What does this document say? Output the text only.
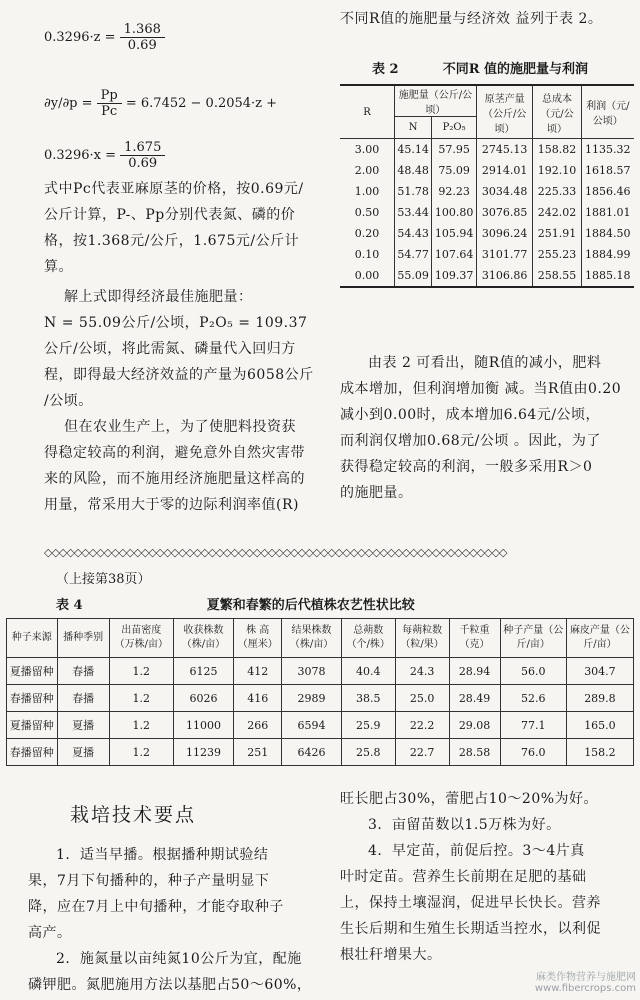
$0.3296\cdot z = \frac{1.368}{0.69}$
$\partial y/\partial p = \frac{Pp}{Pc} = 6.7452 - 0.2054\cdot z$ +
$0.3296\cdot x = \frac{1.675}{0.69}$
式中Pc代表亚麻原茎的价格，按0.69元/
公斤计算，P-、Pp分别代表氮、磷的价
格，按1.368元/公斤，1.675元/公斤计
算。
解上式即得经济最佳施肥量：
N = 55.09公斤/公顷，P₂O₅ = 109.37
公斤/公顷，将此需氮、磷量代入回归方
程，即得最大经济效益的产量为6058公斤
/公顷。
但在农业生产上，为了使肥料投资获
得稳定较高的利润，避免意外自然灾害带
来的风险，而不施用经济施肥量这样高的
用量，常采用大于零的边际利润率值(R)
不同R值的施肥量与经济效 益列于表 2。
表 2	不同R 值的施肥量与利润
R	施肥量（公斤/公顷）		原茎产量（公斤/公顷）	总成本（元/公顷）	利润（元/公顷）
	N	P₂O₅			
3.00	45.14	57.95	2745.13	158.82	1135.32
2.00	48.48	75.09	2914.01	192.10	1618.57
1.00	51.78	92.23	3034.48	225.33	1856.46
0.50	53.44	100.80	3076.85	242.02	1881.01
0.20	54.43	105.94	3096.24	251.91	1884.50
0.10	54.77	107.64	3101.77	255.23	1884.99
0.00	55.09	109.37	3106.86	258.55	1885.18
由表 2 可看出，随R值的减小，肥料
成本增加，但利润增加衡 减。当R值由0.20
减小到0.00时，成本增加6.64元/公顷，
而利润仅增加0.68元/公顷 。因此，为了
获得稳定较高的利润，一般多采用R＞0
的施肥量。
◇◇◇◇◇◇◇◇◇◇◇◇◇◇◇◇◇◇◇◇◇◇◇◇◇◇◇◇◇◇◇◇◇◇◇◇◇◇◇◇◇◇◇◇◇◇◇◇◇◇◇◇◇◇◇◇◇◇◇◇◇◇
（上接第38页）
表 4	夏繁和春繁的后代植株农艺性状比较
种子来源	播种季别	出苗密度（万株/亩）	收获株数（株/亩）	株 高（厘米）	结果株数（株/亩）	总蒴数（个/株）	每蒴粒数（粒/果）	千粒重（克）	种子产量（公斤/亩）	麻皮产量（公斤/亩）
夏播留种	春播	1.2	6125	412	3078	40.4	24.3	28.94	56.0	304.7
春播留种	春播	1.2	6026	416	2989	38.5	25.0	28.49	52.6	289.8
夏播留种	夏播	1.2	11000	266	6594	25.9	22.2	29.08	77.1	165.0
春播留种	夏播	1.2	11239	251	6426	25.8	22.7	28.58	76.0	158.2
栽培技术要点
1．适当早播。根据播种期试验结
果，7月下旬播种的，种子产量明显下
降，应在7月上中旬播种，才能夺取种子
高产。
2．施氮量以亩纯氮10公斤为宜，配施
磷钾肥。氮肥施用方法以基肥占50～60%，
旺长肥占30%，蕾肥占10～20%为好。
3．亩留苗数以1.5万株为好。
4．早定苗，前促后控。3～4片真
叶时定苗。营养生长前期在足肥的基础
上，保持土壤湿润，促进早长快长。营养
生长后期和生殖生长期适当控水，以利促
根壮秆增果大。
麻类作物营养与施肥网
www.fibercrops.com
